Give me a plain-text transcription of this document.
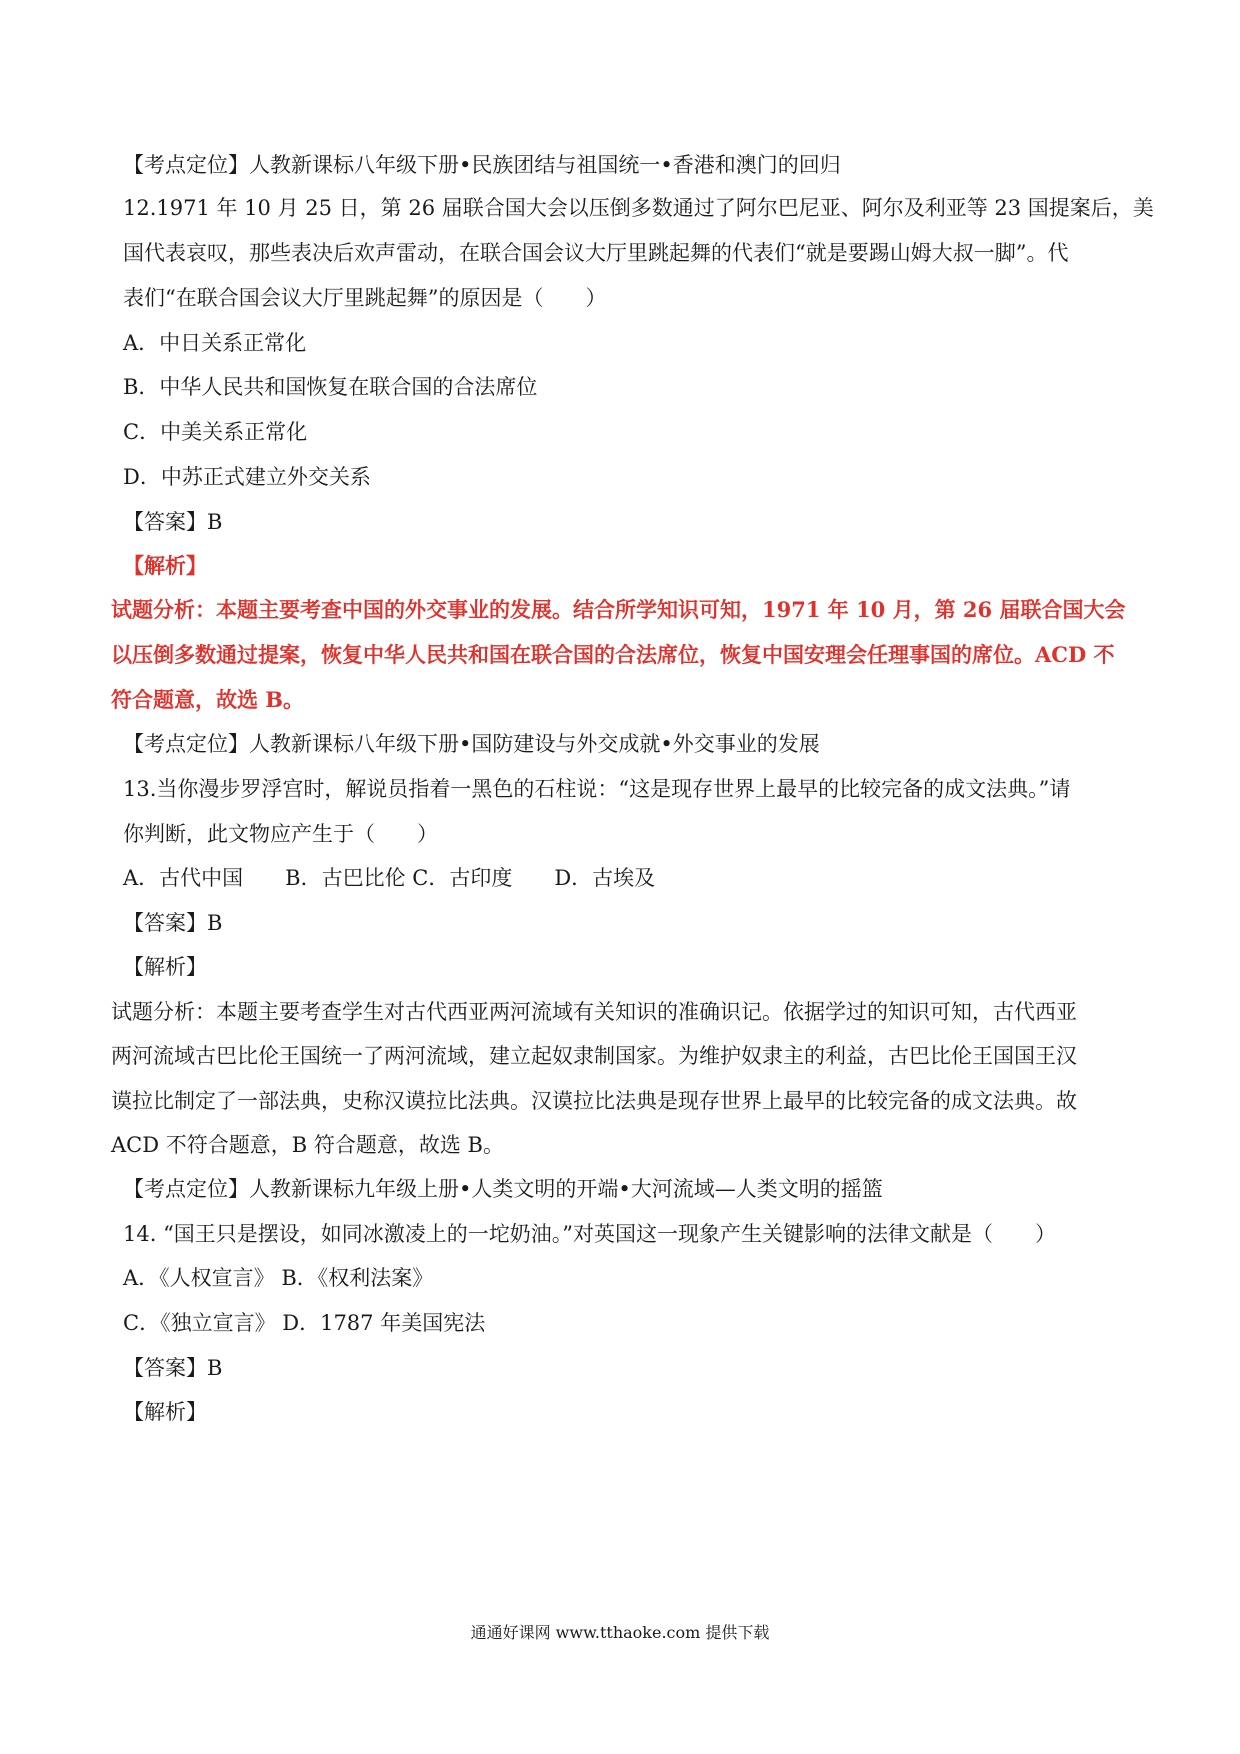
【考点定位】人教新课标八年级下册•民族团结与祖国统一•香港和澳门的回归
12.1971 年 10 月 25 日，第 26 届联合国大会以压倒多数通过了阿尔巴尼亚、阿尔及利亚等 23 国提案后，美
国代表哀叹，那些表决后欢声雷动，在联合国会议大厅里跳起舞的代表们“就是要踢山姆大叔一脚”。代
表们“在联合国会议大厅里跳起舞”的原因是（　　）
A．中日关系正常化
B．中华人民共和国恢复在联合国的合法席位
C．中美关系正常化
D．中苏正式建立外交关系
【答案】B
【解析】
试题分析：本题主要考查中国的外交事业的发展。结合所学知识可知，1971 年 10 月，第 26 届联合国大会
以压倒多数通过提案，恢复中华人民共和国在联合国的合法席位，恢复中国安理会任理事国的席位。ACD 不
符合题意，故选 B。
【考点定位】人教新课标八年级下册•国防建设与外交成就•外交事业的发展
13.当你漫步罗浮宫时，解说员指着一黑色的石柱说：“这是现存世界上最早的比较完备的成文法典。”请
你判断，此文物应产生于（　　）
A．古代中国　　B．古巴比伦 C．古印度　　D．古埃及
【答案】B
【解析】
试题分析：本题主要考查学生对古代西亚两河流域有关知识的准确识记。依据学过的知识可知，古代西亚
两河流域古巴比伦王国统一了两河流域，建立起奴隶制国家。为维护奴隶主的利益，古巴比伦王国国王汉
谟拉比制定了一部法典，史称汉谟拉比法典。汉谟拉比法典是现存世界上最早的比较完备的成文法典。故
ACD 不符合题意，B 符合题意，故选 B。
【考点定位】人教新课标九年级上册•人类文明的开端•大河流域—人类文明的摇篮
14. “国王只是摆设，如同冰激凌上的一坨奶油。”对英国这一现象产生关键影响的法律文献是（　　）
A．《人权宣言》 B．《权利法案》
C．《独立宣言》 D．1787 年美国宪法
【答案】B
【解析】
通通好课网 www.tthaoke.com 提供下载
